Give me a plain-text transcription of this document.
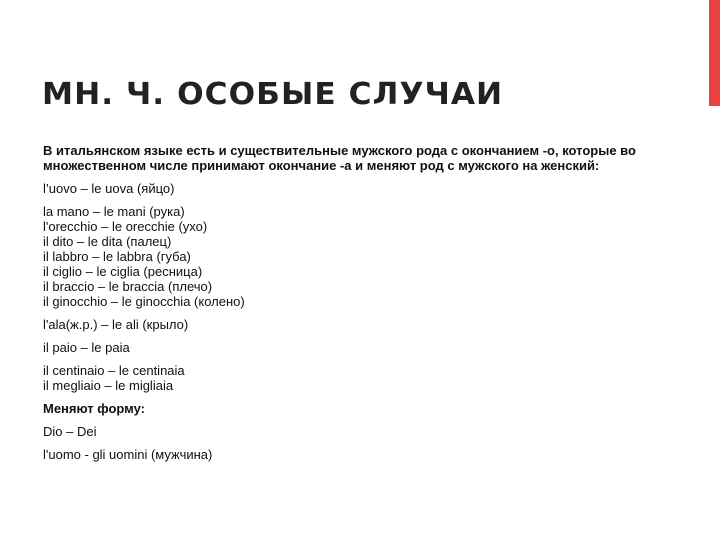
МН. Ч. ОСОБЫЕ СЛУЧАИ

В итальянском языке есть и существительные мужского рода с окончанием -о, которые во множественном числе принимают окончание -а и меняют род с мужского на женский:

l’uovo – le uova (яйцо)
la mano – le mani (рука)
l'orecchio – le orecchie (ухо)
il dito – le dita (палец)
il labbro – le labbra (губа)
il ciglio – le ciglia (ресница)
il braccio – le braccia (плечо)
il ginocchio – le ginocchia (колено)
l'ala(ж.р.) – le ali (крыло)
il paio – le paia
il centinaio – le centinaia
il megliaio – le migliaia

Меняют форму:

Dio – Dei
l'uomo - gli uomini (мужчина)
